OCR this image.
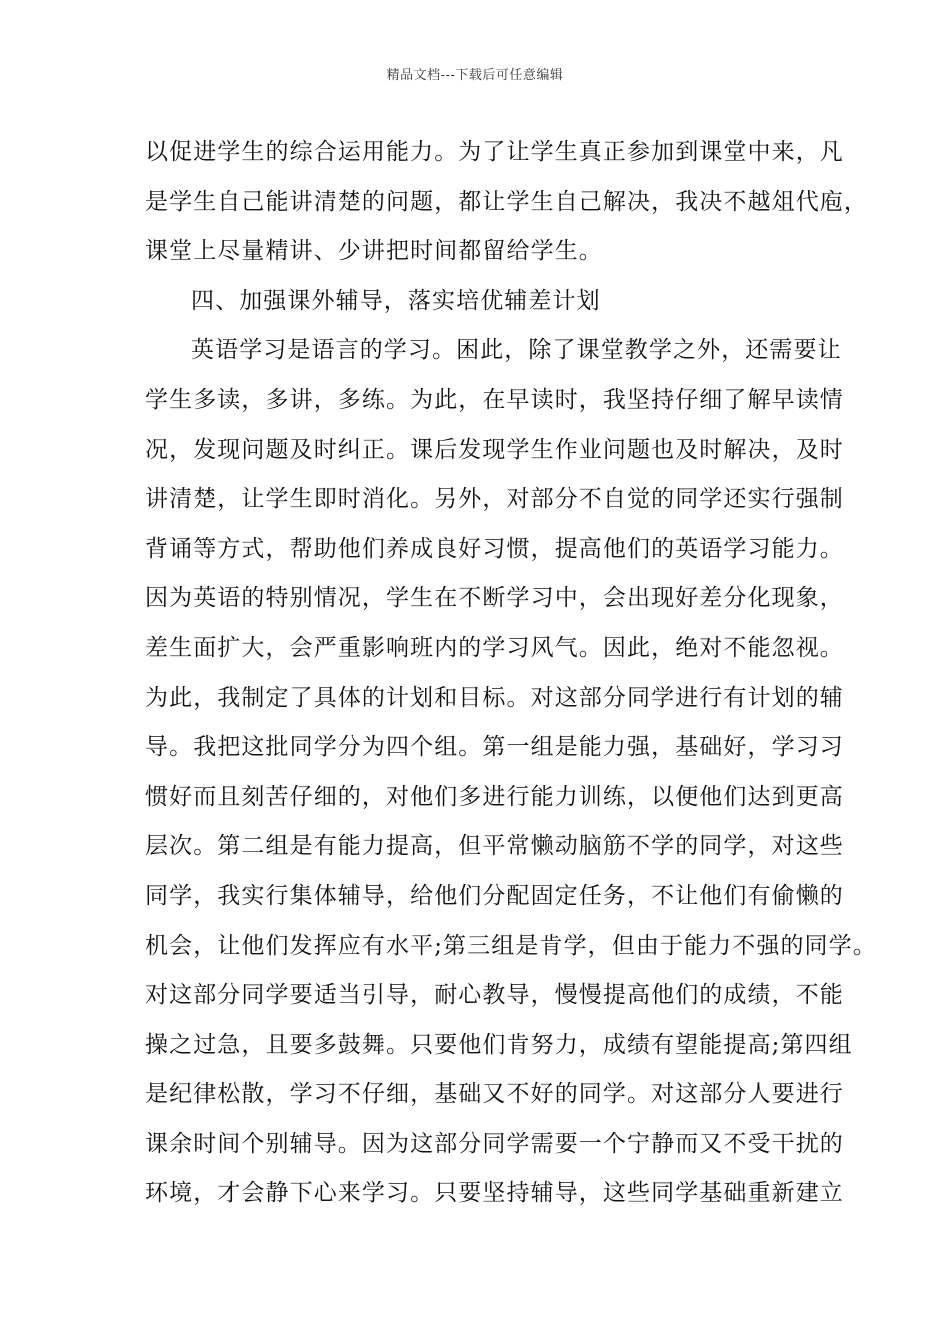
精品文档---下载后可任意编辑
以促进学生的综合运用能力。为了让学生真正参加到课堂中来，凡
是学生自己能讲清楚的问题，都让学生自己解决，我决不越俎代庖，
课堂上尽量精讲、少讲把时间都留给学生。
四、加强课外辅导，落实培优辅差计划
英语学习是语言的学习。困此，除了课堂教学之外，还需要让
学生多读，多讲，多练。为此，在早读时，我坚持仔细了解早读情
况，发现问题及时纠正。课后发现学生作业问题也及时解决，及时
讲清楚，让学生即时消化。另外，对部分不自觉的同学还实行强制
背诵等方式，帮助他们养成良好习惯，提高他们的英语学习能力。
因为英语的特别情况，学生在不断学习中，会出现好差分化现象，
差生面扩大，会严重影响班内的学习风气。因此，绝对不能忽视。
为此，我制定了具体的计划和目标。对这部分同学进行有计划的辅
导。我把这批同学分为四个组。第一组是能力强，基础好，学习习
惯好而且刻苦仔细的，对他们多进行能力训练，以便他们达到更高
层次。第二组是有能力提高，但平常懒动脑筋不学的同学，对这些
同学，我实行集体辅导，给他们分配固定任务，不让他们有偷懒的
机会，让他们发挥应有水平;第三组是肯学，但由于能力不强的同学。
对这部分同学要适当引导，耐心教导，慢慢提高他们的成绩，不能
操之过急，且要多鼓舞。只要他们肯努力，成绩有望能提高;第四组
是纪律松散，学习不仔细，基础又不好的同学。对这部分人要进行
课余时间个别辅导。因为这部分同学需要一个宁静而又不受干扰的
环境，才会静下心来学习。只要坚持辅导，这些同学基础重新建立
